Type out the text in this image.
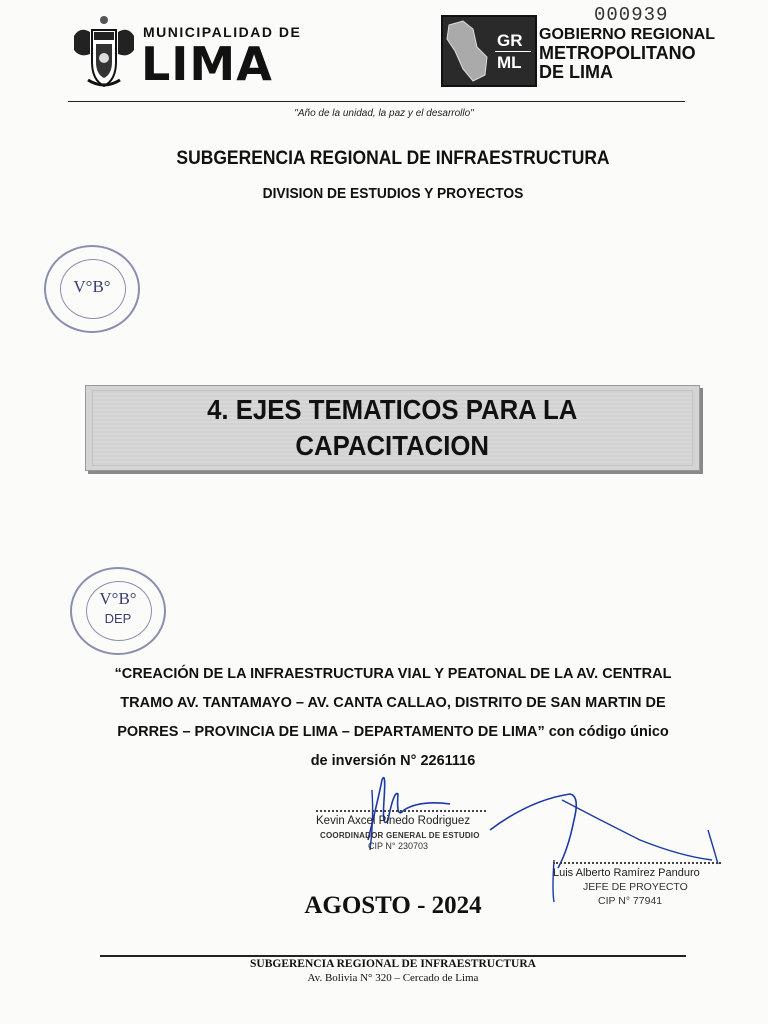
000939
MUNICIPALIDAD DE
LIMA	GR
ML
GOBIERNO REGIONAL
METROPOLITANO
DE LIMA
"Año de la unidad, la paz y el desarrollo"
SUBGERENCIA REGIONAL DE INFRAESTRUCTURA
DIVISION DE ESTUDIOS Y PROYECTOS
V°B°
4. EJES TEMATICOS PARA LA
CAPACITACION
V°B°
DEP
“CREACIÓN DE LA INFRAESTRUCTURA VIAL Y PEATONAL DE LA AV. CENTRAL
TRAMO AV. TANTAMAYO – AV. CANTA CALLAO, DISTRITO DE SAN MARTIN DE
PORRES – PROVINCIA DE LIMA – DEPARTAMENTO DE LIMA” con código único
de inversión N° 2261116
Kevin Axcel Pinedo Rodriguez
COORDINADOR GENERAL DE ESTUDIO
CIP N° 230703
Luis Alberto Ramírez Panduro
JEFE DE PROYECTO
CIP N° 77941
AGOSTO - 2024
SUBGERENCIA REGIONAL DE INFRAESTRUCTURA
Av. Bolivia N° 320 – Cercado de Lima
